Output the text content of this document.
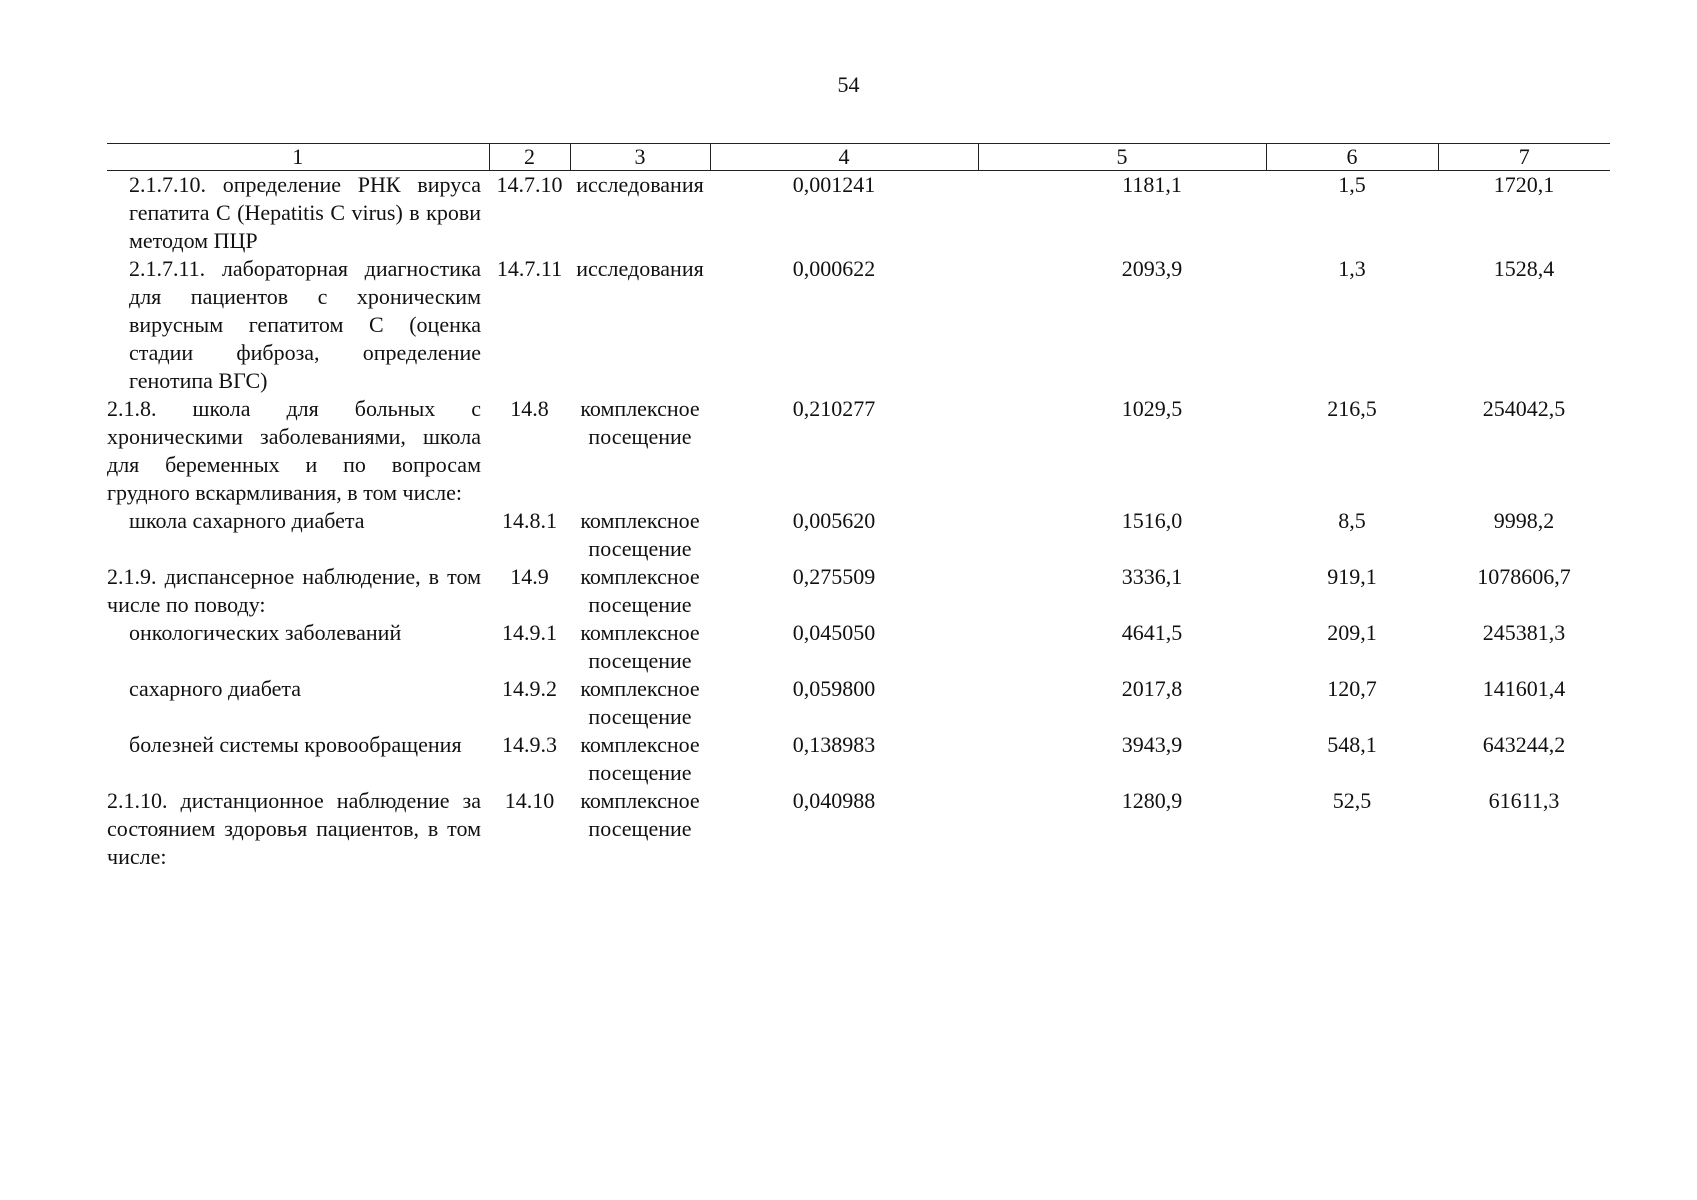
54
1	2	3	4	5	6	7
2.1.7.10. определение РНК вируса гепатита С (Hepatitis C virus) в крови методом ПЦР	14.7.10	исследования	0,001241	1181,1	1,5	1720,1
2.1.7.11. лабораторная диагностика для пациентов с хроническим вирусным гепатитом С (оценка стадии фиброза, определение генотипа ВГС)	14.7.11	исследования	0,000622	2093,9	1,3	1528,4
2.1.8. школа для больных с хроническими заболеваниями, школа для беременных и по вопросам грудного вскармливания, в том числе:	14.8	комплексное посещение	0,210277	1029,5	216,5	254042,5
школа сахарного диабета	14.8.1	комплексное посещение	0,005620	1516,0	8,5	9998,2
2.1.9. диспансерное наблюдение, в том числе по поводу:	14.9	комплексное посещение	0,275509	3336,1	919,1	1078606,7
онкологических заболеваний	14.9.1	комплексное посещение	0,045050	4641,5	209,1	245381,3
сахарного диабета	14.9.2	комплексное посещение	0,059800	2017,8	120,7	141601,4
болезней системы кровообращения	14.9.3	комплексное посещение	0,138983	3943,9	548,1	643244,2
2.1.10. дистанционное наблюдение за состоянием здоровья пациентов, в том числе:	14.10	комплексное посещение	0,040988	1280,9	52,5	61611,3
